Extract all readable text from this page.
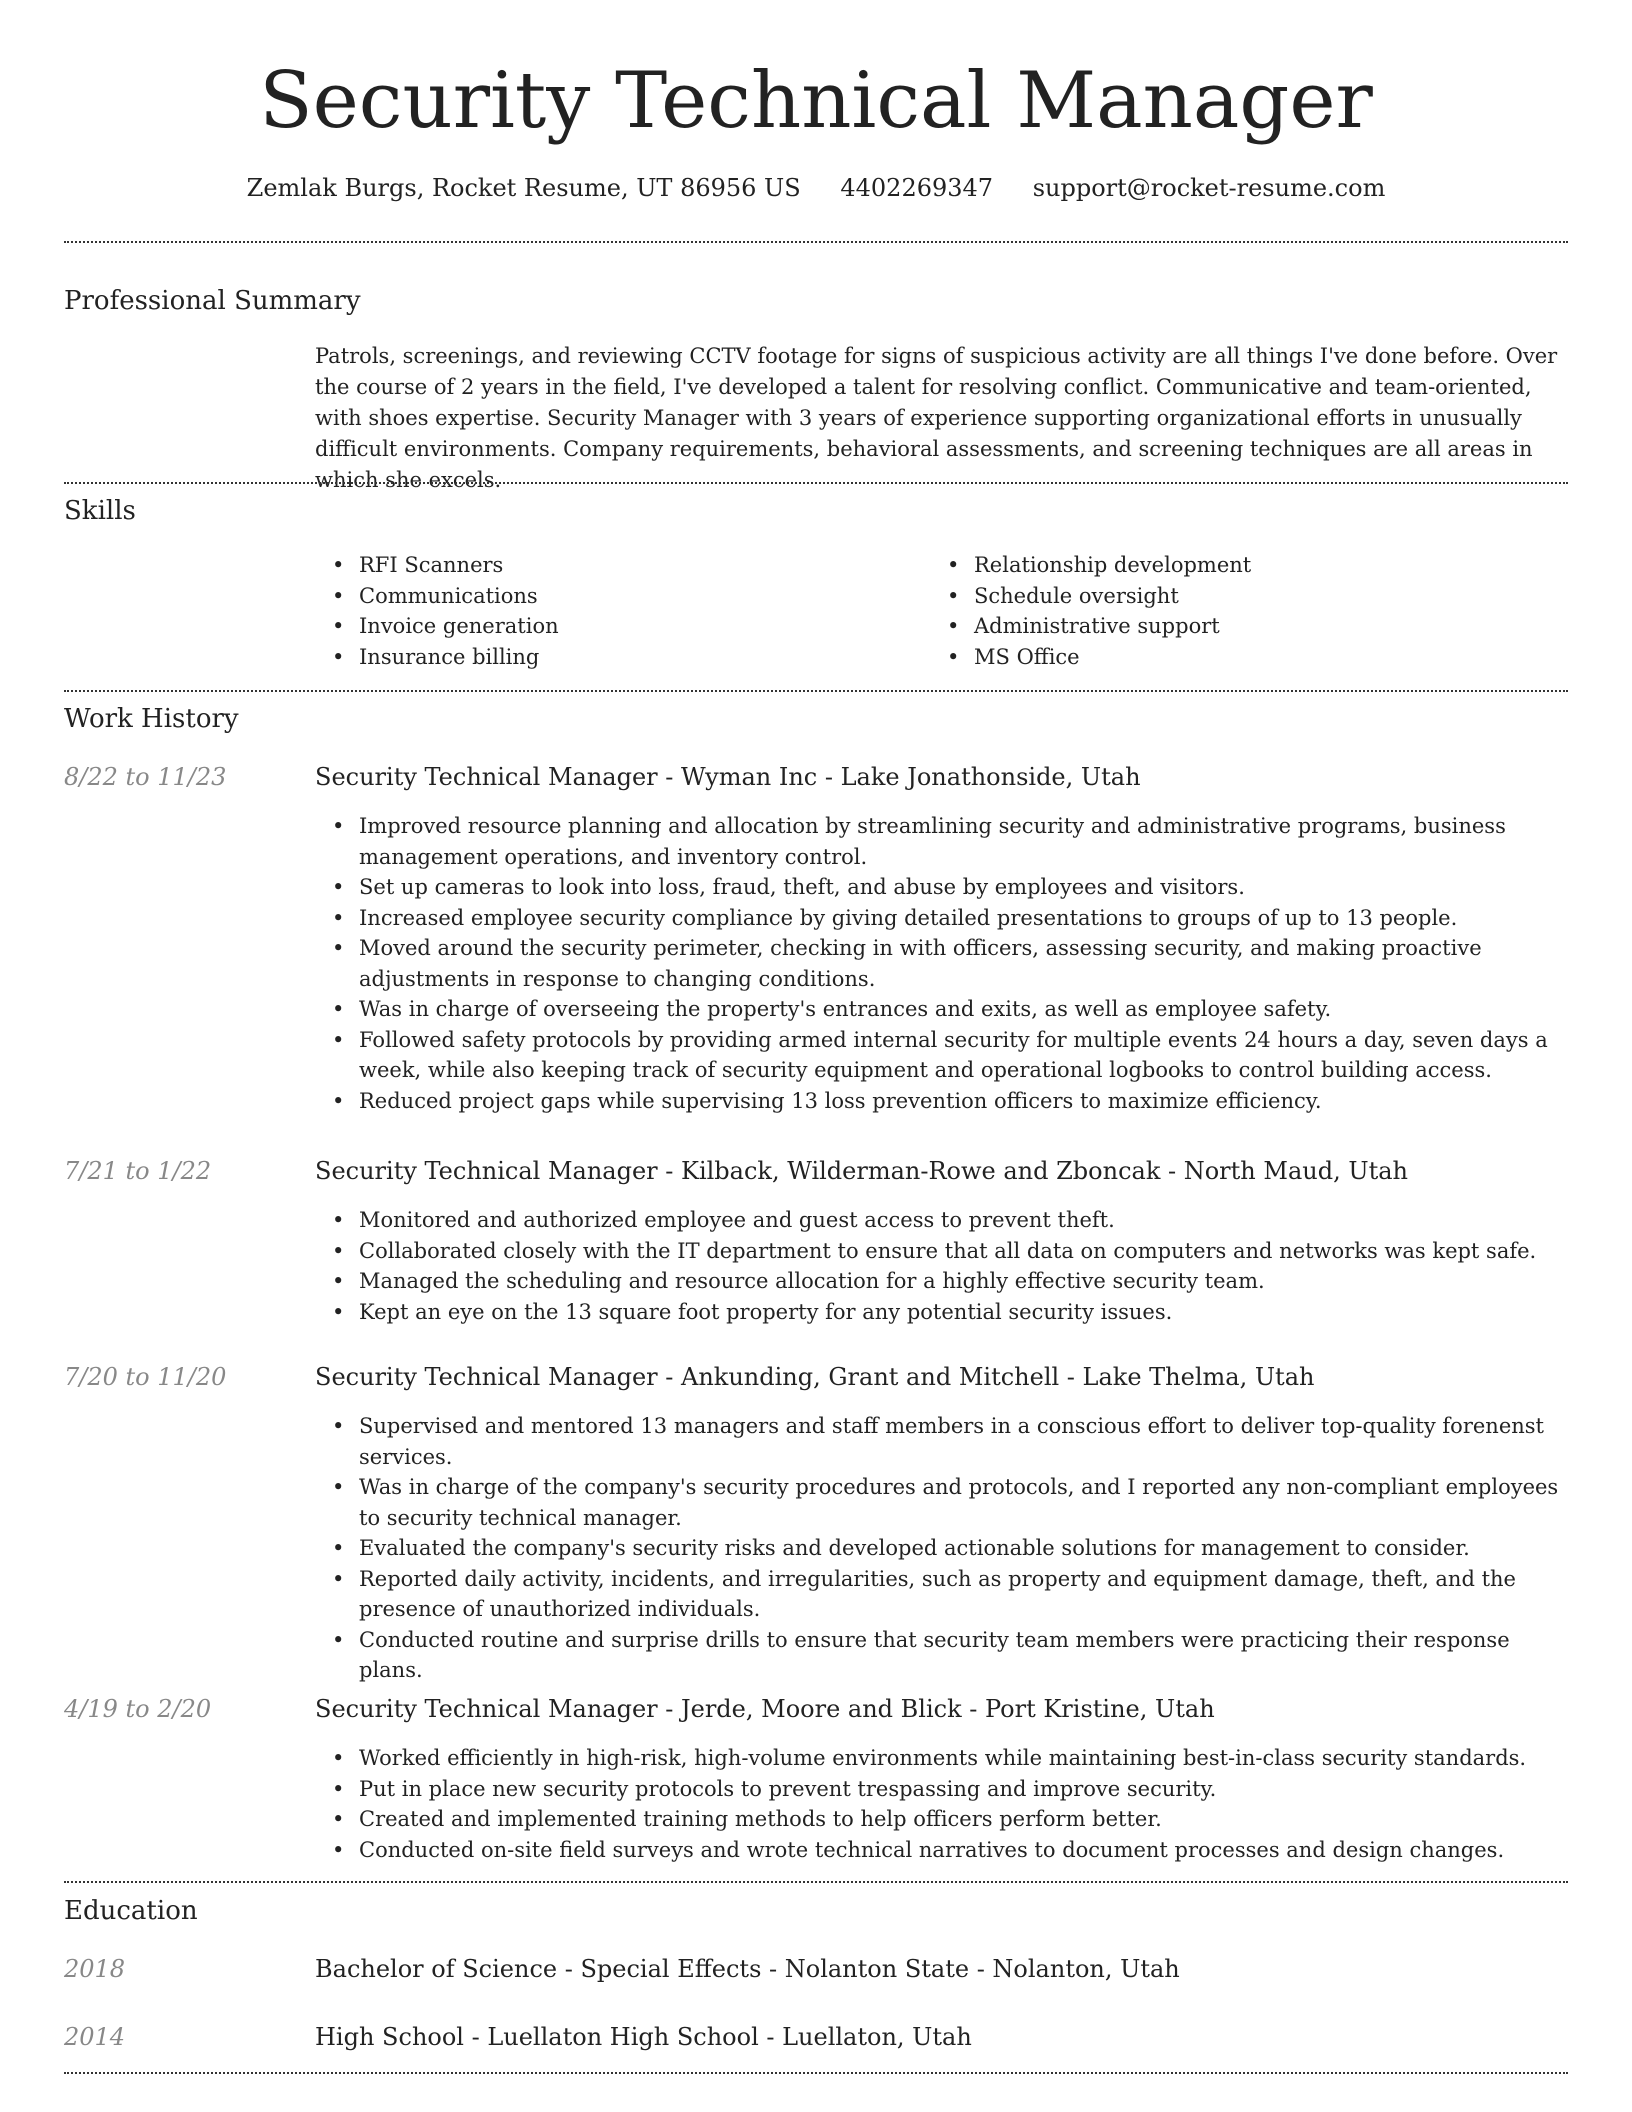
Security Technical Manager
Zemlak Burgs, Rocket Resume, UT 86956 US 4402269347 support@rocket-resume.com
Professional Summary
Patrols, screenings, and reviewing CCTV footage for signs of suspicious activity are all things I've done before. Over the course of 2 years in the field, I've developed a talent for resolving conflict. Communicative and team-oriented, with shoes expertise. Security Manager with 3 years of experience supporting organizational efforts in unusually difficult environments. Company requirements, behavioral assessments, and screening techniques are all areas in which she excels.
Skills
• RFI Scanners
• Communications
• Invoice generation
• Insurance billing
• Relationship development
• Schedule oversight
• Administrative support
• MS Office
Work History
8/22 to 11/23	Security Technical Manager - Wyman Inc - Lake Jonathonside, Utah
• Improved resource planning and allocation by streamlining security and administrative programs, business management operations, and inventory control.
• Set up cameras to look into loss, fraud, theft, and abuse by employees and visitors.
• Increased employee security compliance by giving detailed presentations to groups of up to 13 people.
• Moved around the security perimeter, checking in with officers, assessing security, and making proactive adjustments in response to changing conditions.
• Was in charge of overseeing the property's entrances and exits, as well as employee safety.
• Followed safety protocols by providing armed internal security for multiple events 24 hours a day, seven days a week, while also keeping track of security equipment and operational logbooks to control building access.
• Reduced project gaps while supervising 13 loss prevention officers to maximize efficiency.
7/21 to 1/22	Security Technical Manager - Kilback, Wilderman-Rowe and Zboncak - North Maud, Utah
• Monitored and authorized employee and guest access to prevent theft.
• Collaborated closely with the IT department to ensure that all data on computers and networks was kept safe.
• Managed the scheduling and resource allocation for a highly effective security team.
• Kept an eye on the 13 square foot property for any potential security issues.
7/20 to 11/20	Security Technical Manager - Ankunding, Grant and Mitchell - Lake Thelma, Utah
• Supervised and mentored 13 managers and staff members in a conscious effort to deliver top-quality forenenst services.
• Was in charge of the company's security procedures and protocols, and I reported any non-compliant employees to security technical manager.
• Evaluated the company's security risks and developed actionable solutions for management to consider.
• Reported daily activity, incidents, and irregularities, such as property and equipment damage, theft, and the presence of unauthorized individuals.
• Conducted routine and surprise drills to ensure that security team members were practicing their response plans.
4/19 to 2/20	Security Technical Manager - Jerde, Moore and Blick - Port Kristine, Utah
• Worked efficiently in high-risk, high-volume environments while maintaining best-in-class security standards.
• Put in place new security protocols to prevent trespassing and improve security.
• Created and implemented training methods to help officers perform better.
• Conducted on-site field surveys and wrote technical narratives to document processes and design changes.
Education
2018	Bachelor of Science - Special Effects - Nolanton State - Nolanton, Utah
2014	High School - Luellaton High School - Luellaton, Utah
